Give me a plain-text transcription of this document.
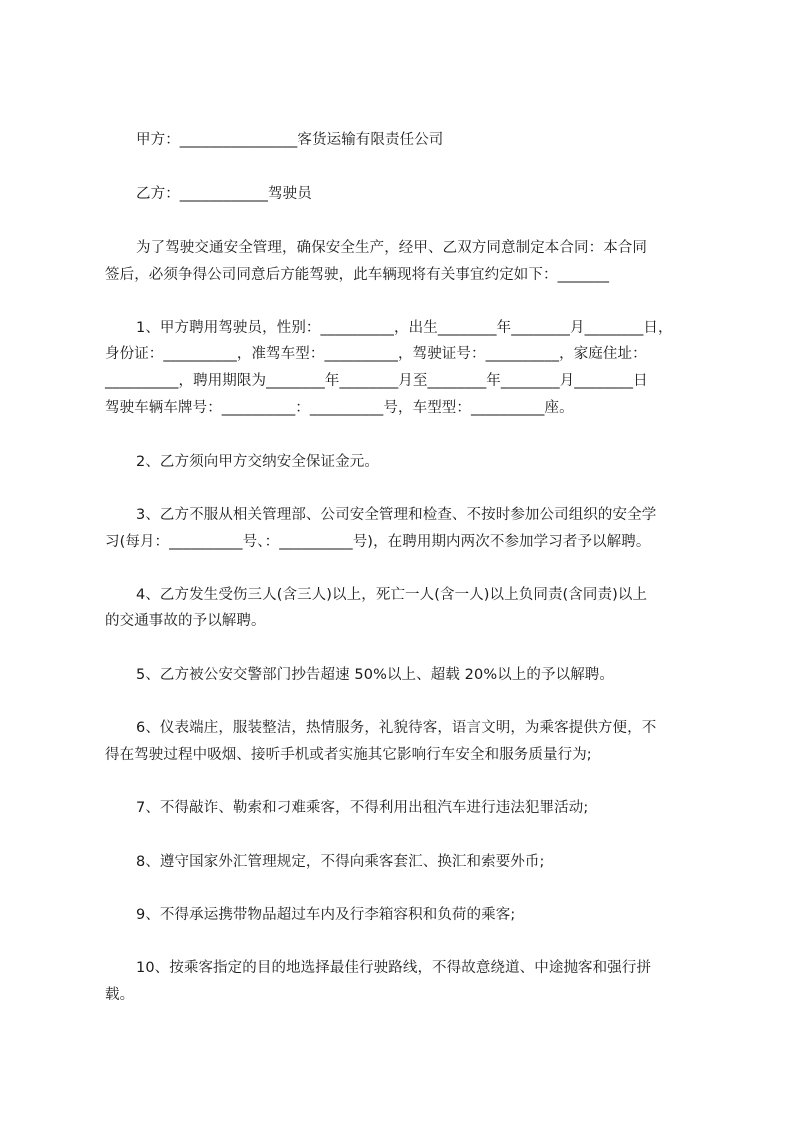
甲方：________________客货运输有限责任公司
乙方：____________驾驶员
为了驾驶交通安全管理，确保安全生产，经甲、乙双方同意制定本合同：本合同
签后，必须争得公司同意后方能驾驶，此车辆现将有关事宜约定如下：_______
1、甲方聘用驾驶员，性别：__________，出生________年________月________日，
身份证：__________，准驾车型：__________，驾驶证号：__________，家庭住址：
__________，聘用期限为________年________月至________年________月________日
驾驶车辆车牌号：__________：__________号，车型型：__________座。
2、乙方须向甲方交纳安全保证金元。
3、乙方不服从相关管理部、公司安全管理和检查、不按时参加公司组织的安全学
习(每月：__________号、：__________号)，在聘用期内两次不参加学习者予以解聘。
4、乙方发生受伤三人(含三人)以上，死亡一人(含一人)以上负同责(含同责)以上
的交通事故的予以解聘。
5、乙方被公安交警部门抄告超速 50%以上、超载 20%以上的予以解聘。
6、仪表端庄，服装整洁，热情服务，礼貌待客，语言文明，为乘客提供方便，不
得在驾驶过程中吸烟、接听手机或者实施其它影响行车安全和服务质量行为;
7、不得敲诈、勒索和刁难乘客，不得利用出租汽车进行违法犯罪活动;
8、遵守国家外汇管理规定，不得向乘客套汇、换汇和索要外币;
9、不得承运携带物品超过车内及行李箱容积和负荷的乘客;
10、按乘客指定的目的地选择最佳行驶路线，不得故意绕道、中途抛客和强行拼
载。
